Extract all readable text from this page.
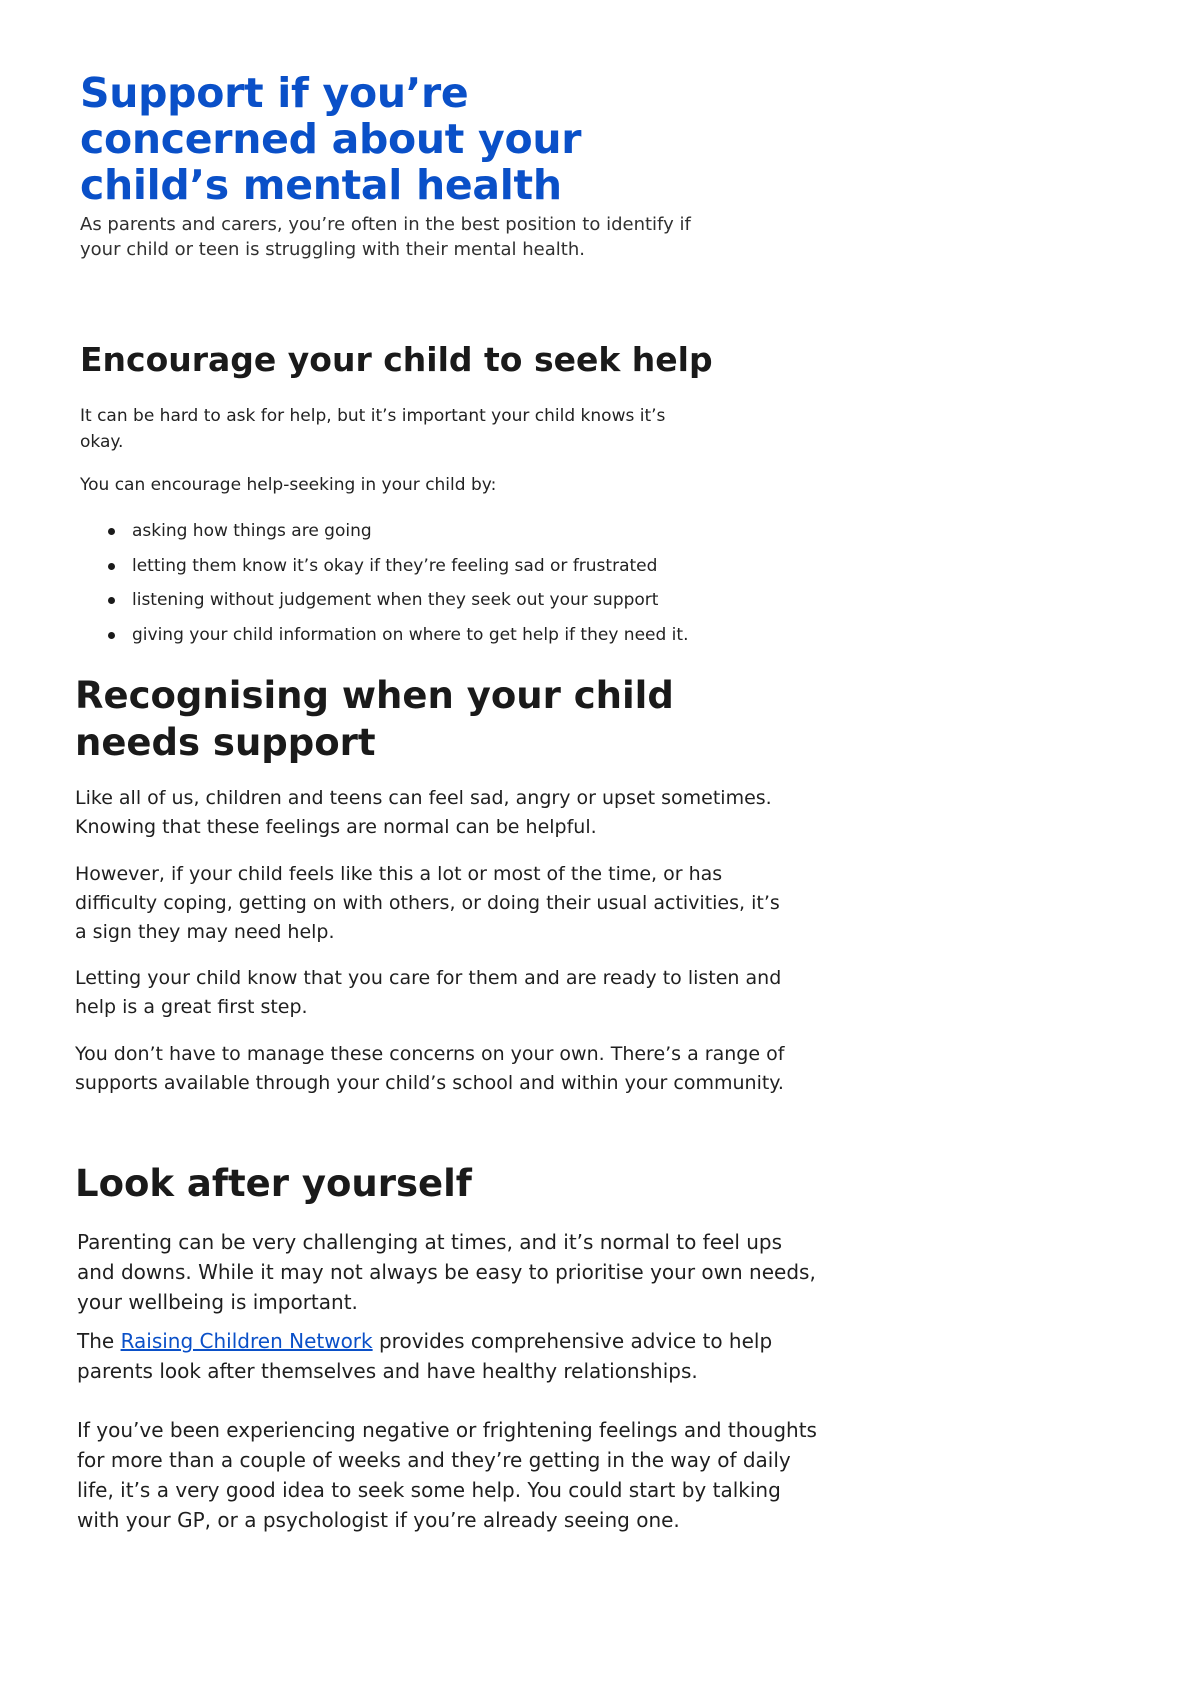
Support if you’re concerned about your child’s mental health

As parents and carers, you’re often in the best position to identify if your child or teen is struggling with their mental health.

Encourage your child to seek help

It can be hard to ask for help, but it’s important your child knows it’s okay.

You can encourage help-seeking in your child by:

asking how things are going
letting them know it’s okay if they’re feeling sad or frustrated
listening without judgement when they seek out your support
giving your child information on where to get help if they need it.
Recognising when your child needs support

Like all of us, children and teens can feel sad, angry or upset sometimes. Knowing that these feelings are normal can be helpful.

However, if your child feels like this a lot or most of the time, or has difficulty coping, getting on with others, or doing their usual activities, it’s a sign they may need help.

Letting your child know that you care for them and are ready to listen and help is a great first step.

You don’t have to manage these concerns on your own. There’s a range of supports available through your child’s school and within your community.

Look after yourself

Parenting can be very challenging at times, and it’s normal to feel ups and downs. While it may not always be easy to prioritise your own needs, your wellbeing is important.

The Raising Children Network provides comprehensive advice to help parents look after themselves and have healthy relationships.

If you’ve been experiencing negative or frightening feelings and thoughts for more than a couple of weeks and they’re getting in the way of daily life, it’s a very good idea to seek some help. You could start by talking with your GP, or a psychologist if you’re already seeing one.
